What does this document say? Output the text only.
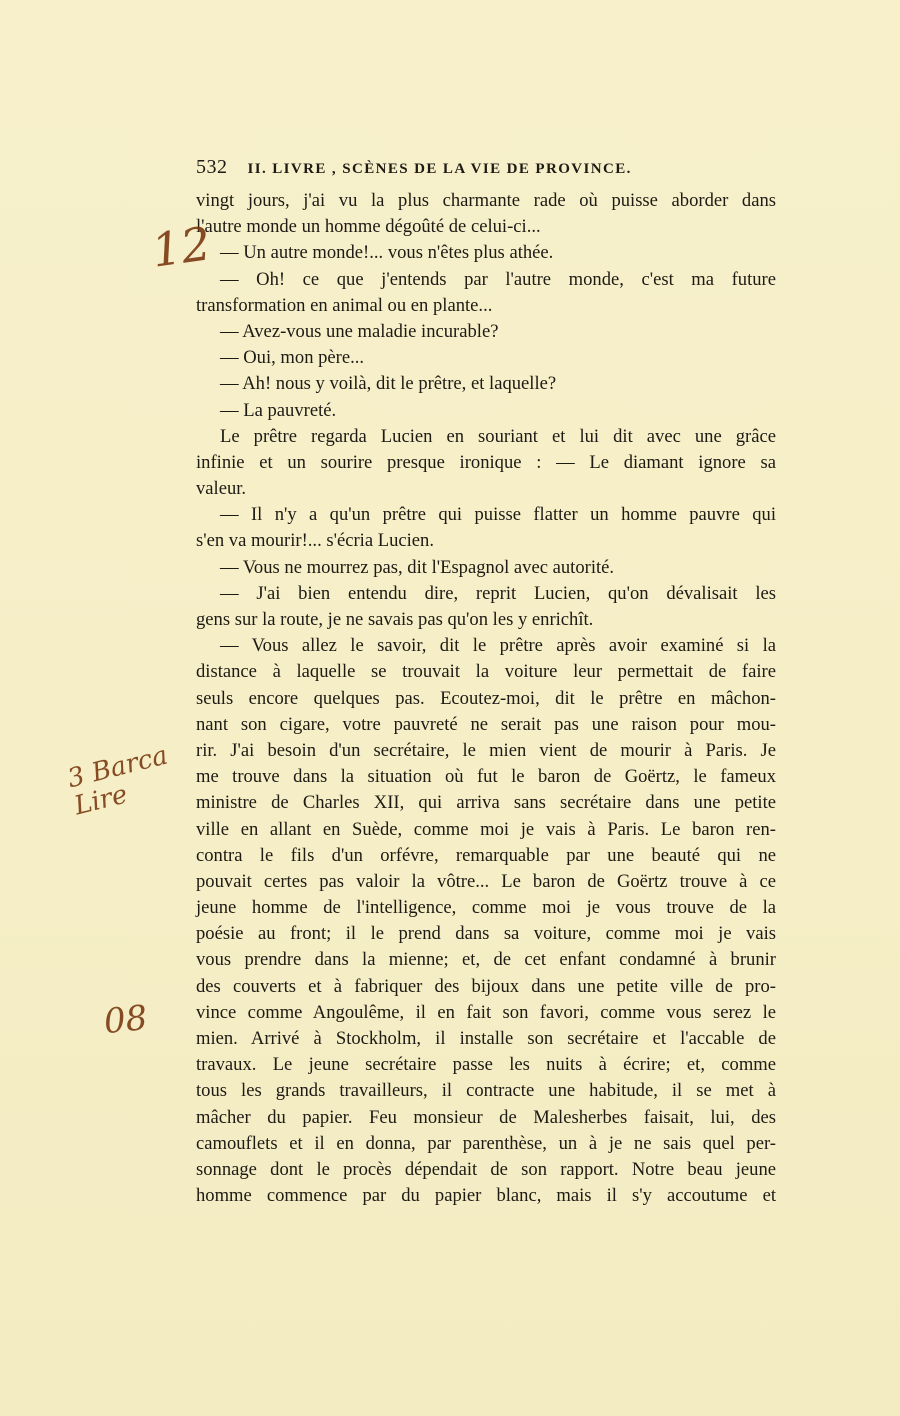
532 II. LIVRE , SCÈNES DE LA VIE DE PROVINCE.
vingt jours, j'ai vu la plus charmante rade où puisse aborder dans
l'autre monde un homme dégoûté de celui-ci...
— Un autre monde!... vous n'êtes plus athée.
— Oh! ce que j'entends par l'autre monde, c'est ma future
transformation en animal ou en plante...
— Avez-vous une maladie incurable?
— Oui, mon père...
— Ah! nous y voilà, dit le prêtre, et laquelle?
— La pauvreté.
Le prêtre regarda Lucien en souriant et lui dit avec une grâce
infinie et un sourire presque ironique : — Le diamant ignore sa
valeur.
— Il n'y a qu'un prêtre qui puisse flatter un homme pauvre qui
s'en va mourir!... s'écria Lucien.
— Vous ne mourrez pas, dit l'Espagnol avec autorité.
— J'ai bien entendu dire, reprit Lucien, qu'on dévalisait les
gens sur la route, je ne savais pas qu'on les y enrichît.
— Vous allez le savoir, dit le prêtre après avoir examiné si la
distance à laquelle se trouvait la voiture leur permettait de faire
seuls encore quelques pas. Ecoutez-moi, dit le prêtre en mâchon-
nant son cigare, votre pauvreté ne serait pas une raison pour mou-
rir. J'ai besoin d'un secrétaire, le mien vient de mourir à Paris. Je
me trouve dans la situation où fut le baron de Goërtz, le fameux
ministre de Charles XII, qui arriva sans secrétaire dans une petite
ville en allant en Suède, comme moi je vais à Paris. Le baron ren-
contra le fils d'un orfévre, remarquable par une beauté qui ne
pouvait certes pas valoir la vôtre... Le baron de Goërtz trouve à ce
jeune homme de l'intelligence, comme moi je vous trouve de la
poésie au front; il le prend dans sa voiture, comme moi je vais
vous prendre dans la mienne; et, de cet enfant condamné à brunir
des couverts et à fabriquer des bijoux dans une petite ville de pro-
vince comme Angoulême, il en fait son favori, comme vous serez le
mien. Arrivé à Stockholm, il installe son secrétaire et l'accable de
travaux. Le jeune secrétaire passe les nuits à écrire; et, comme
tous les grands travailleurs, il contracte une habitude, il se met à
mâcher du papier. Feu monsieur de Malesherbes faisait, lui, des
camouflets et il en donna, par parenthèse, un à je ne sais quel per-
sonnage dont le procès dépendait de son rapport. Notre beau jeune
homme commence par du papier blanc, mais il s'y accoutume et
12
3 Barca Lire
08
